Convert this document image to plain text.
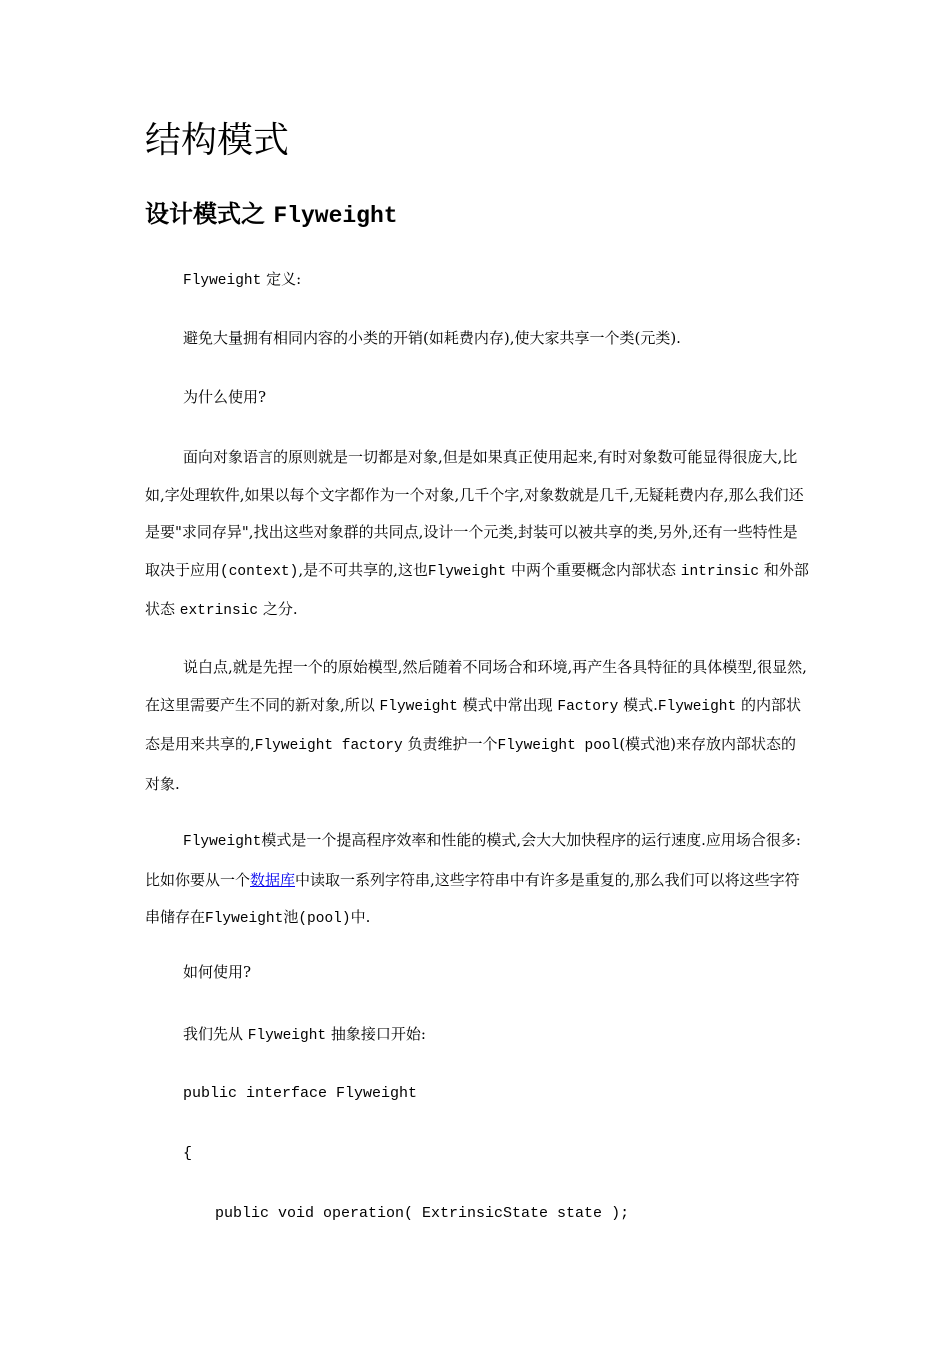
结构模式
设计模式之 Flyweight

Flyweight 定义:

避免大量拥有相同内容的小类的开销(如耗费内存),使大家共享一个类(元类).

为什么使用?

面向对象语言的原则就是一切都是对象,但是如果真正使用起来,有时对象数可能显得很庞大,比如,字处理软件,如果以每个文字都作为一个对象,几千个字,对象数就是几千,无疑耗费内存,那么我们还是要"求同存异",找出这些对象群的共同点,设计一个元类,封装可以被共享的类,另外,还有一些特性是取决于应用(context),是不可共享的,这也Flyweight 中两个重要概念内部状态 intrinsic 和外部状态 extrinsic 之分.

说白点,就是先捏一个的原始模型,然后随着不同场合和环境,再产生各具特征的具体模型,很显然,在这里需要产生不同的新对象,所以 Flyweight 模式中常出现 Factory 模式.Flyweight 的内部状态是用来共享的,Flyweight factory 负责维护一个Flyweight pool(模式池)来存放内部状态的对象.

Flyweight模式是一个提高程序效率和性能的模式,会大大加快程序的运行速度.应用场合很多:比如你要从一个数据库中读取一系列字符串,这些字符串中有许多是重复的,那么我们可以将这些字符串储存在Flyweight池(pool)中.

如何使用?

我们先从 Flyweight 抽象接口开始:

public interface Flyweight
{
public void operation( ExtrinsicState state );
